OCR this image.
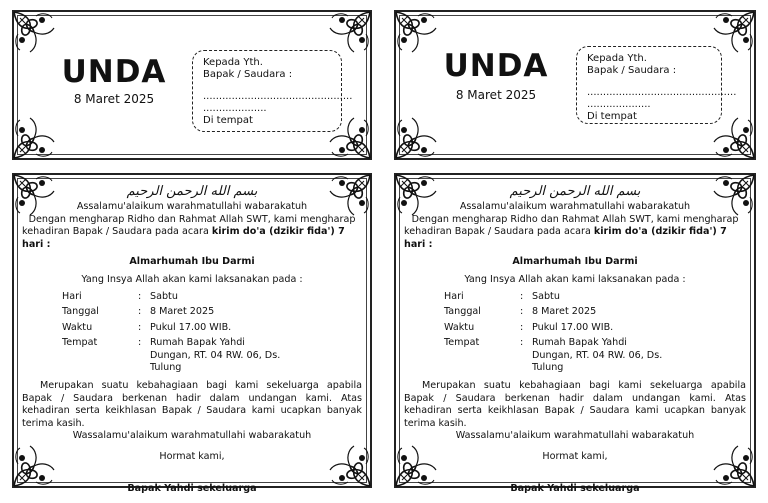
UNDA
8 Maret 2025
Kepada Yth.
Bapak / Saudara :
...............................................
....................
Di tempat
UNDA
8 Maret 2025
Kepada Yth.
Bapak / Saudara :
...............................................
....................
Di tempat
بسم الله الرحمن الرحيم
Assalamu'alaikum warahmatullahi wabarakatuh
Dengan mengharap Ridho dan Rahmat Allah SWT, kami mengharap
kehadiran Bapak / Saudara pada acara kirim do'a (dzikir fida') 7 hari :
Almarhumah Ibu Darmi
Yang Insya Allah akan kami laksanakan pada :
Hari	:	Sabtu
Tanggal	:	8 Maret 2025
Waktu	:	Pukul 17.00 WIB.
Tempat	:	Rumah Bapak Yahdi
Dungan, RT. 04 RW. 06, Ds.
Tulung
Merupakan suatu kebahagiaan bagi kami sekeluarga apabila Bapak / Saudara berkenan hadir dalam undangan kami. Atas kehadiran serta keikhlasan Bapak / Saudara kami ucapkan banyak terima kasih.
Wassalamu'alaikum warahmatullahi wabarakatuh
Hormat kami,
Bapak Yahdi sekeluarga
بسم الله الرحمن الرحيم
Assalamu'alaikum warahmatullahi wabarakatuh
Dengan mengharap Ridho dan Rahmat Allah SWT, kami mengharap
kehadiran Bapak / Saudara pada acara kirim do'a (dzikir fida') 7 hari :
Almarhumah Ibu Darmi
Yang Insya Allah akan kami laksanakan pada :
Hari	:	Sabtu
Tanggal	:	8 Maret 2025
Waktu	:	Pukul 17.00 WIB.
Tempat	:	Rumah Bapak Yahdi
Dungan, RT. 04 RW. 06, Ds.
Tulung
Merupakan suatu kebahagiaan bagi kami sekeluarga apabila Bapak / Saudara berkenan hadir dalam undangan kami. Atas kehadiran serta keikhlasan Bapak / Saudara kami ucapkan banyak terima kasih.
Wassalamu'alaikum warahmatullahi wabarakatuh
Hormat kami,
Bapak Yahdi sekeluarga
